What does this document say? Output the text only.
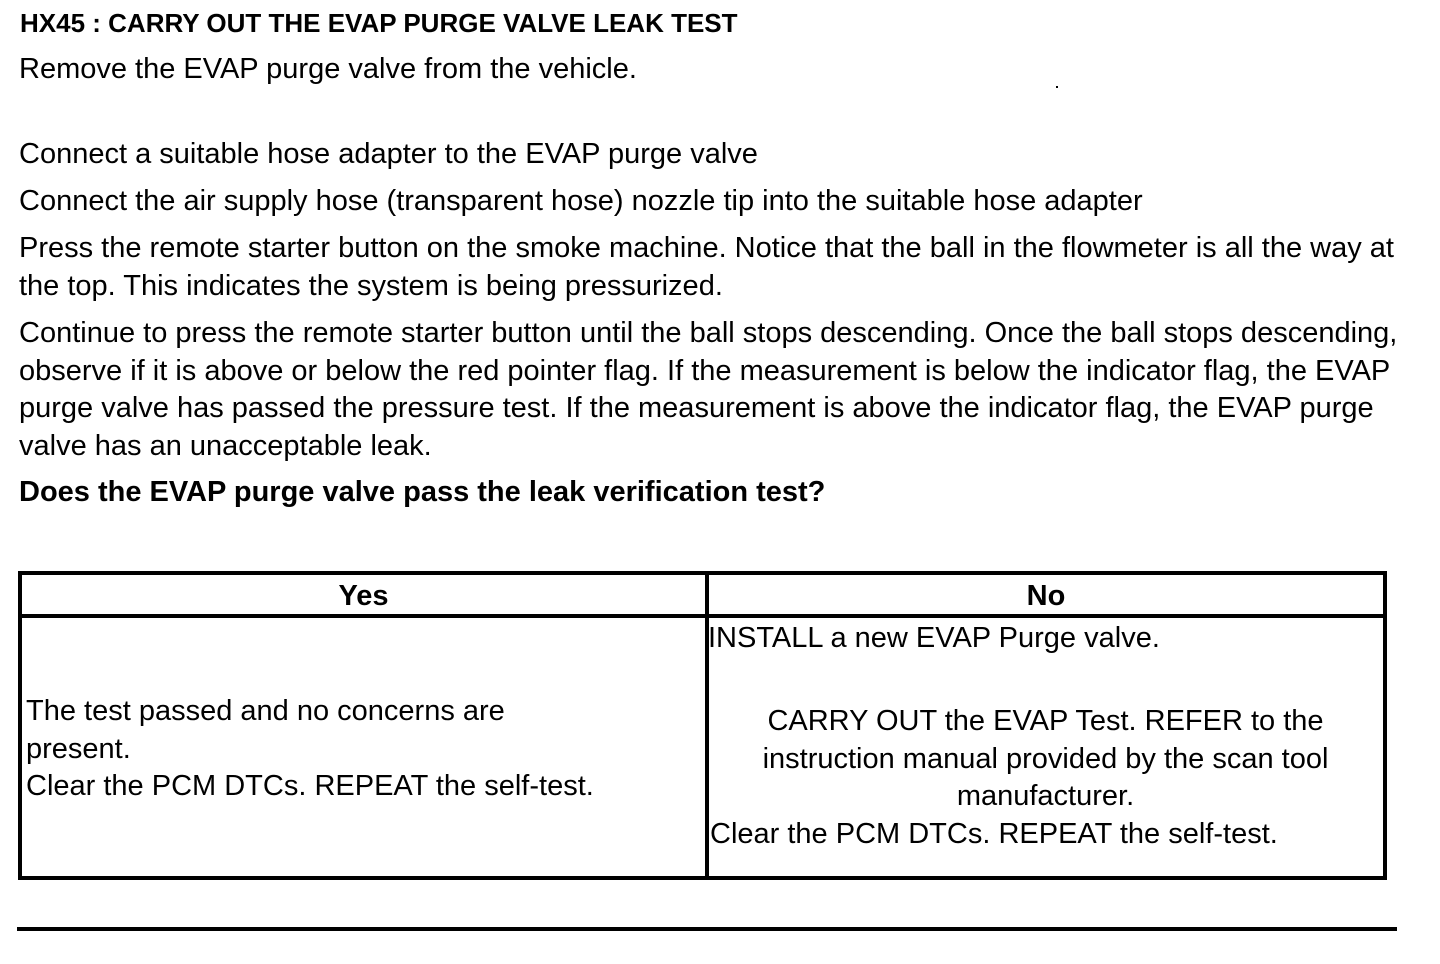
HX45 : CARRY OUT THE EVAP PURGE VALVE LEAK TEST
Remove the EVAP purge valve from the vehicle.
Connect a suitable hose adapter to the EVAP purge valve
Connect the air supply hose (transparent hose) nozzle tip into the suitable hose adapter
Press the remote starter button on the smoke machine. Notice that the ball in the flowmeter is all the way at the top. This indicates the system is being pressurized.
Continue to press the remote starter button until the ball stops descending. Once the ball stops descending, observe if it is above or below the red pointer flag. If the measurement is below the indicator flag, the EVAP purge valve has passed the pressure test. If the measurement is above the indicator flag, the EVAP purge valve has an unacceptable leak.
Does the EVAP purge valve pass the leak verification test?
Yes	No
The test passed and no concerns are
present.
Clear the PCM DTCs. REPEAT the self-test.
INSTALL a new EVAP Purge valve.
CARRY OUT the EVAP Test. REFER to the
instruction manual provided by the scan tool
manufacturer.
Clear the PCM DTCs. REPEAT the self-test.
